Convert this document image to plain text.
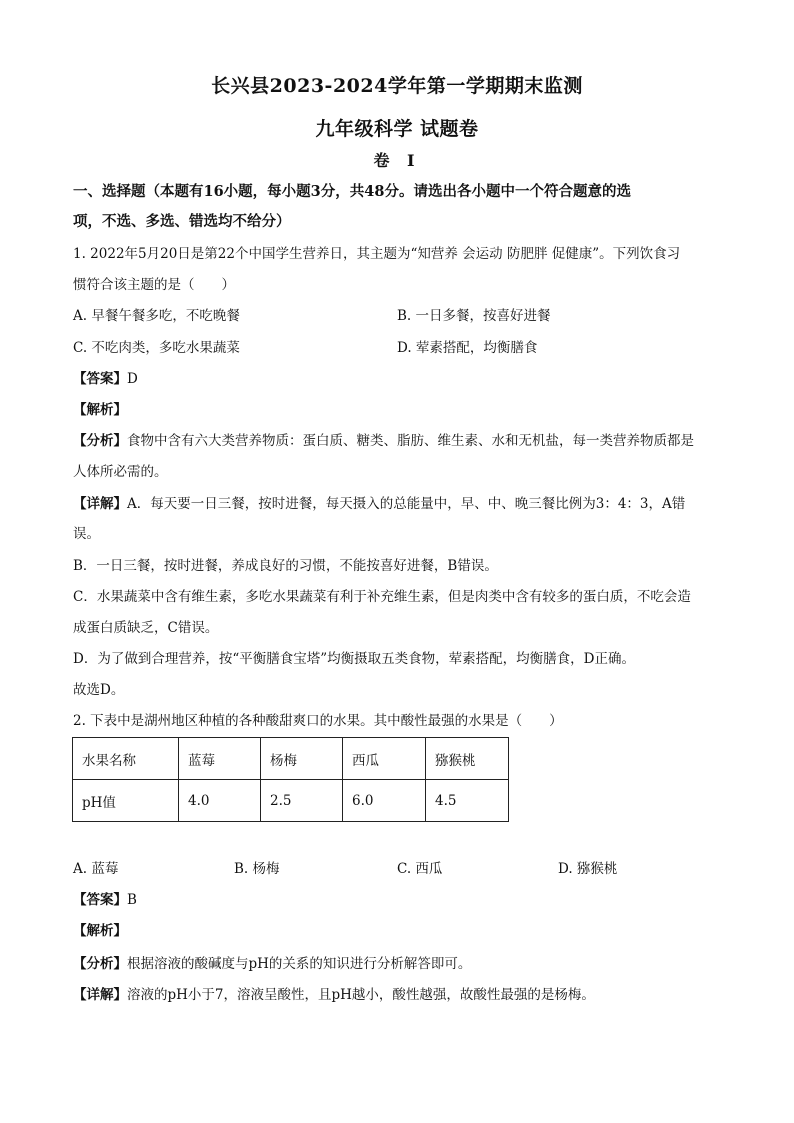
长兴县2023-2024学年第一学期期末监测
九年级科学 试题卷
卷 Ⅰ
一、选择题（本题有16小题，每小题3分，共48分。请选出各小题中一个符合题意的选
项，不选、多选、错选均不给分）
1. 2022年5月20日是第22个中国学生营养日，其主题为“知营养 会运动 防肥胖 促健康”。下列饮食习
惯符合该主题的是（　　）
A. 早餐午餐多吃，不吃晚餐	B. 一日多餐，按喜好进餐
C. 不吃肉类，多吃水果蔬菜	D. 荤素搭配，均衡膳食
【答案】D
【解析】
【分析】食物中含有六大类营养物质：蛋白质、糖类、脂肪、维生素、水和无机盐，每一类营养物质都是
人体所必需的。
【详解】A．每天要一日三餐，按时进餐，每天摄入的总能量中，早、中、晚三餐比例为3：4：3，A错
误。
B．一日三餐，按时进餐，养成良好的习惯，不能按喜好进餐，B错误。
C．水果蔬菜中含有维生素，多吃水果蔬菜有利于补充维生素，但是肉类中含有较多的蛋白质，不吃会造
成蛋白质缺乏，C错误。
D．为了做到合理营养，按“平衡膳食宝塔”均衡摄取五类食物，荤素搭配，均衡膳食，D正确。
故选D。
2. 下表中是湖州地区种植的各种酸甜爽口的水果。其中酸性最强的水果是（　　）
水果名称	蓝莓	杨梅	西瓜	猕猴桃
pH值	4.0	2.5	6.0	4.5
A. 蓝莓	B. 杨梅	C. 西瓜	D. 猕猴桃
【答案】B
【解析】
【分析】根据溶液的酸碱度与pH的关系的知识进行分析解答即可。
【详解】溶液的pH小于7，溶液呈酸性，且pH越小，酸性越强，故酸性最强的是杨梅。
